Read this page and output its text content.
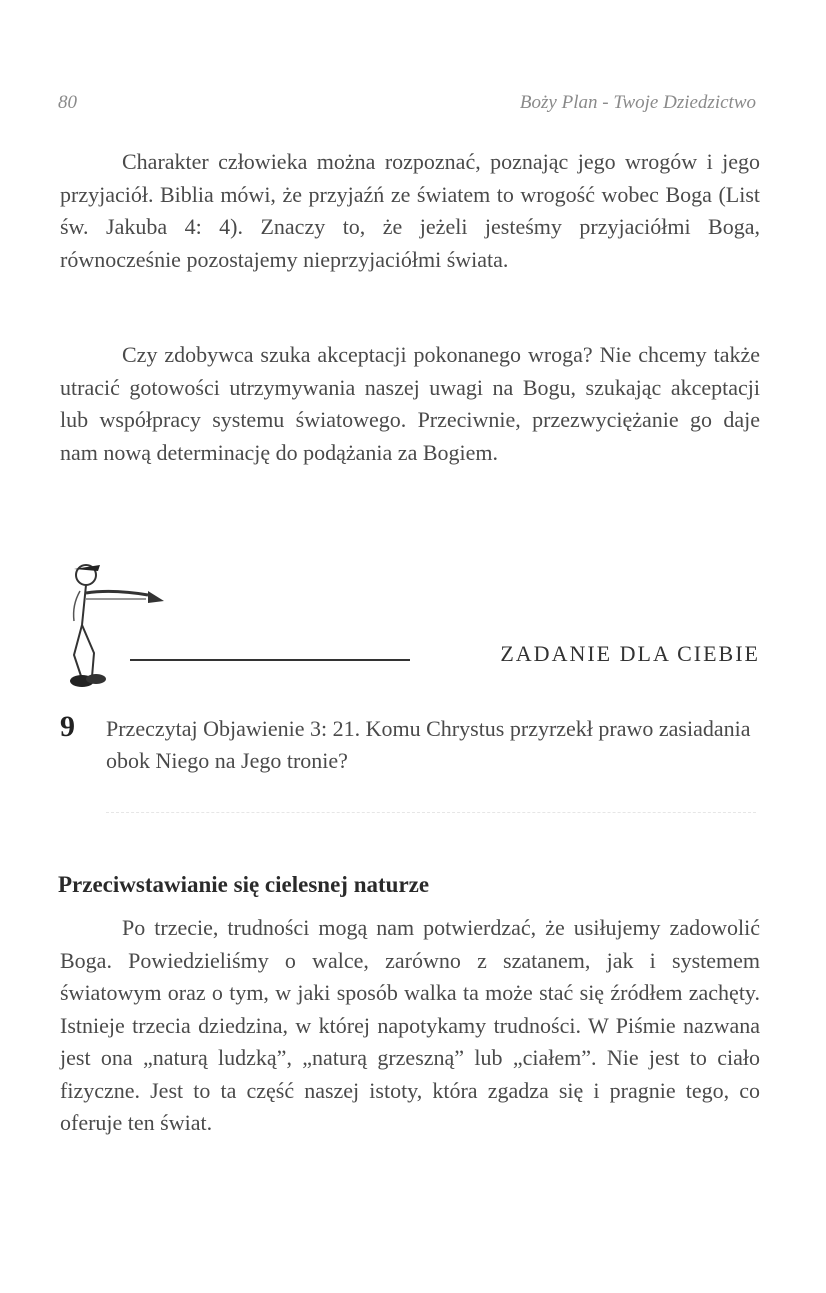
80	Boży Plan - Twoje Dziedzictwo

Charakter człowieka można rozpoznać, poznając jego wrogów i jego przyjaciół. Biblia mówi, że przyjaźń ze światem to wrogość wobec Boga (List św. Jakuba 4: 4). Znaczy to, że jeżeli jesteśmy przyjaciółmi Boga, równocześnie pozostajemy nieprzyjaciółmi świata.

Czy zdobywca szuka akceptacji pokonanego wroga? Nie chcemy także utracić gotowości utrzymywania naszej uwagi na Bogu, szukając akceptacji lub współpracy systemu światowego. Przeciwnie, przezwyciężanie go daje nam nową determinację do podążania za Bogiem.

ZADANIE DLA CIEBIE
9 Przeczytaj Objawienie 3: 21. Komu Chrystus przyrzekł prawo zasiadania obok Niego na Jego tronie?

Przeciwstawianie się cielesnej naturze

Po trzecie, trudności mogą nam potwierdzać, że usiłujemy zadowolić Boga. Powiedzieliśmy o walce, zarówno z szatanem, jak i systemem światowym oraz o tym, w jaki sposób walka ta może stać się źródłem zachęty. Istnieje trzecia dziedzina, w której napotykamy trudności. W Piśmie nazwana jest ona „naturą ludzką”, „naturą grzeszną” lub „ciałem”. Nie jest to ciało fizyczne. Jest to ta część naszej istoty, która zgadza się i pragnie tego, co oferuje ten świat.
